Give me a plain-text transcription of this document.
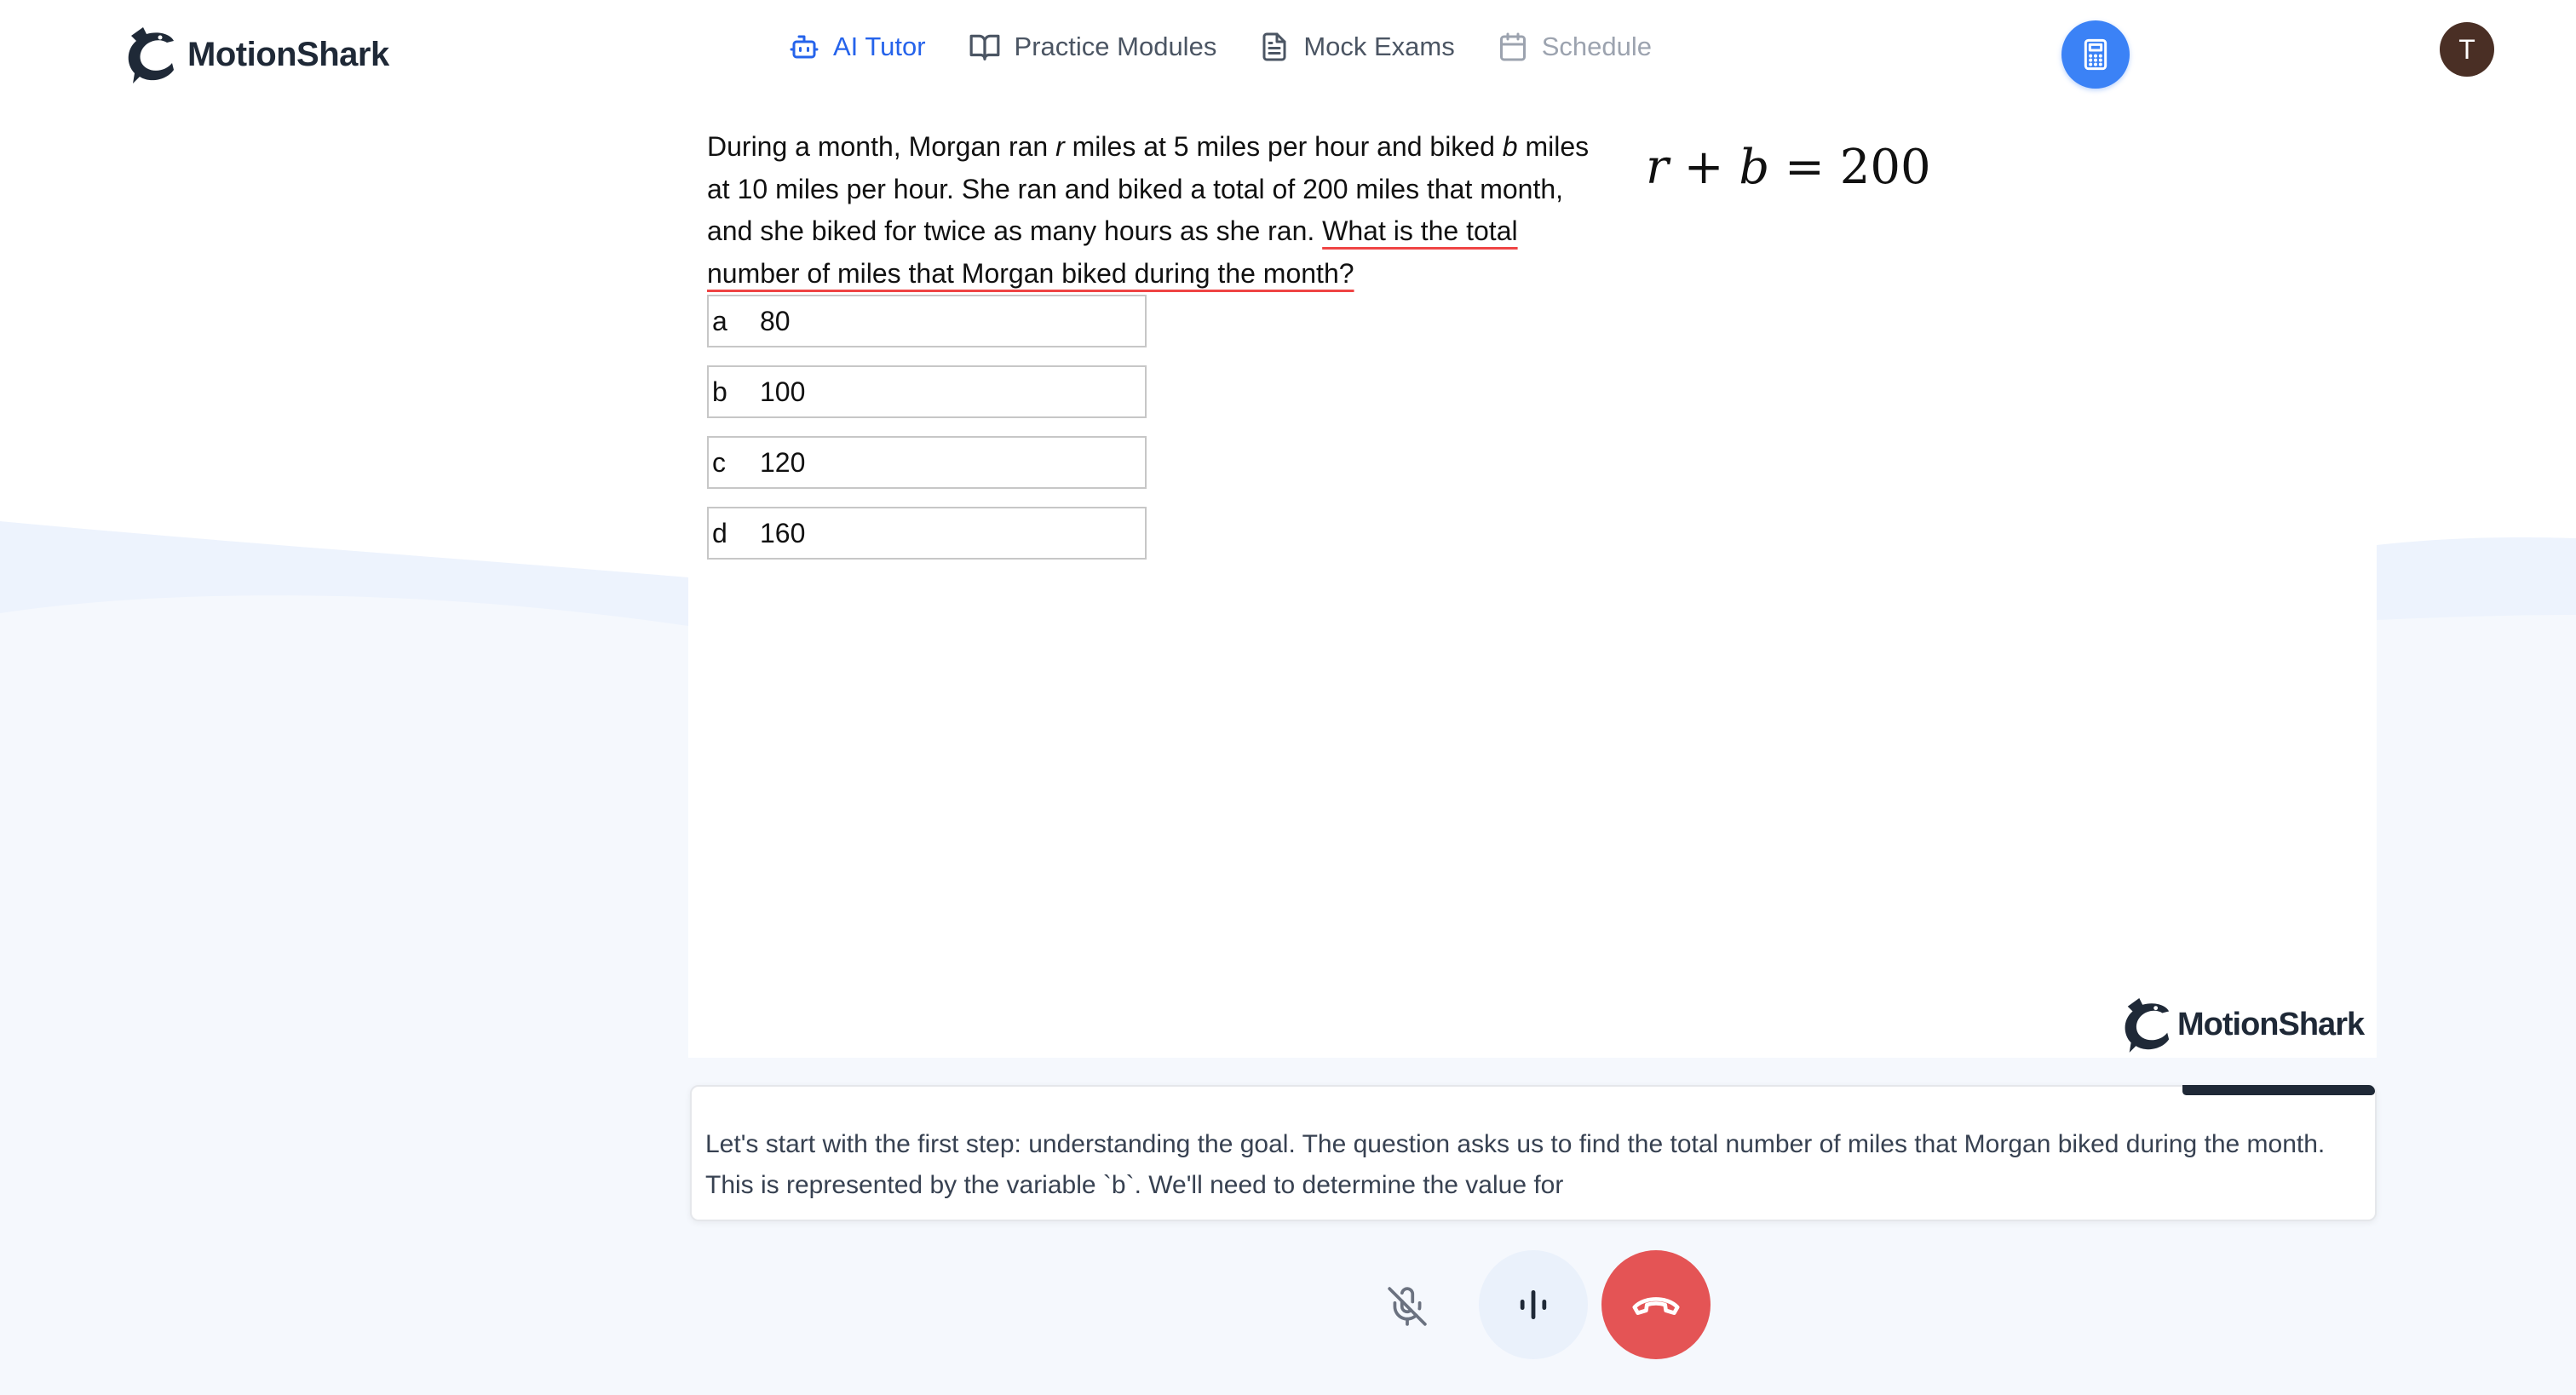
MotionShark	AI Tutor	Practice Modules	Mock Exams	Schedule	T

During a month, Morgan ran r miles at 5 miles per hour and biked b miles at 10 miles per hour. She ran and biked a total of 200 miles that month, and she biked for twice as many hours as she ran. What is the total number of miles that Morgan biked during the month?

a	80
b	100
c	120
d	160
r + b = 200
MotionShark

Let's start with the first step: understanding the goal. The question asks us to find the total number of miles that Morgan biked during the month. This is represented by the variable `b`. We'll need to determine the value for
